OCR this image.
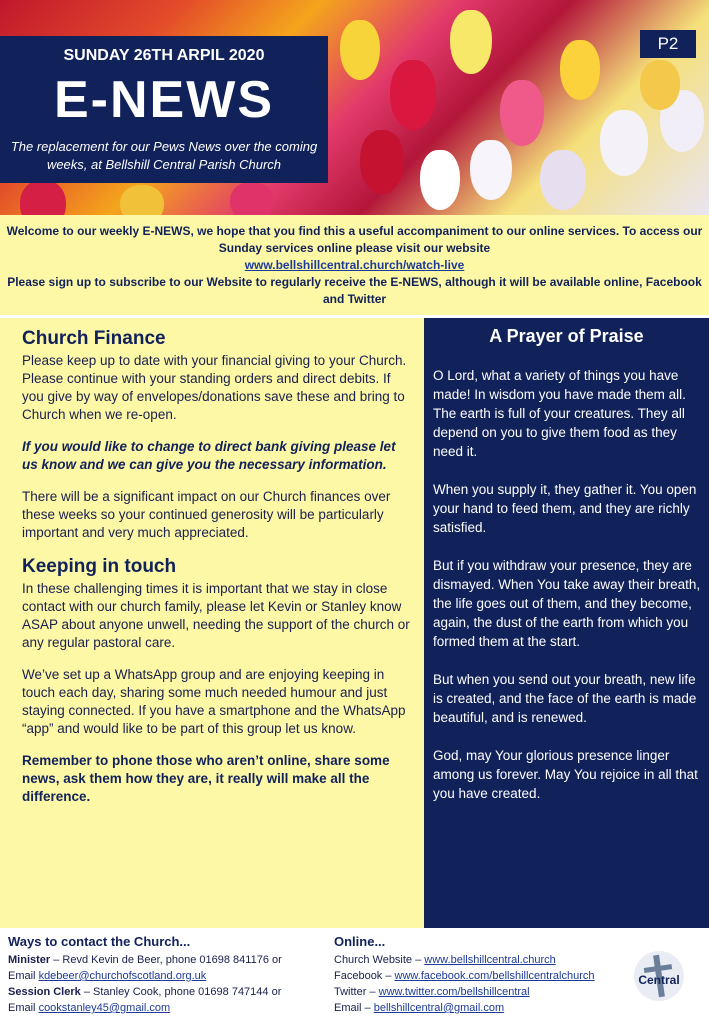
SUNDAY 26TH ARPIL 2020
E-NEWS
The replacement for our Pews News over the coming weeks, at Bellshill Central Parish Church
P2

Welcome to our weekly E-NEWS, we hope that you find this a useful accompaniment to our online services. To access our Sunday services online please visit our website

www.bellshillcentral.church/watch-live

Please sign up to subscribe to our Website to regularly receive the E-NEWS, although it will be available online, Facebook and Twitter

Church Finance

Please keep up to date with your financial giving to your Church. Please continue with your standing orders and direct debits. If you give by way of envelopes/donations save these and bring to Church when we re-open.

If you would like to change to direct bank giving please let us know and we can give you the necessary information.

There will be a significant impact on our Church finances over these weeks so your continued generosity will be particularly important and very much appreciated.

Keeping in touch

In these challenging times it is important that we stay in close contact with our church family, please let Kevin or Stanley know ASAP about anyone unwell, needing the support of the church or any regular pastoral care.

We’ve set up a WhatsApp group and are enjoying keeping in touch each day, sharing some much needed humour and just staying connected. If you have a smartphone and the WhatsApp “app” and would like to be part of this group let us know.

Remember to phone those who aren’t online, share some news, ask them how they are, it really will make all the difference.

A Prayer of Praise

O Lord, what a variety of things you have made! In wisdom you have made them all. The earth is full of your creatures. They all depend on you to give them food as they need it.

When you supply it, they gather it. You open your hand to feed them, and they are richly satisfied.

But if you withdraw your presence, they are dismayed. When You take away their breath, the life goes out of them, and they become, again, the dust of the earth from which you formed them at the start.

But when you send out your breath, new life is created, and the face of the earth is made beautiful, and is renewed.

God, may Your glorious presence linger among us forever. May You rejoice in all that you have created.

Ways to contact the Church...
Minister – Revd Kevin de Beer, phone 01698 841176 or
Email kdebeer@churchofscotland.org.uk
Session Clerk – Stanley Cook, phone 01698 747144 or
Email cookstanley45@gmail.com
Online...
Church Website – www.bellshillcentral.church
Facebook – www.facebook.com/bellshillcentralchurch
Twitter – www.twitter.com/bellshillcentral
Email – bellshillcentral@gmail.com
Central
